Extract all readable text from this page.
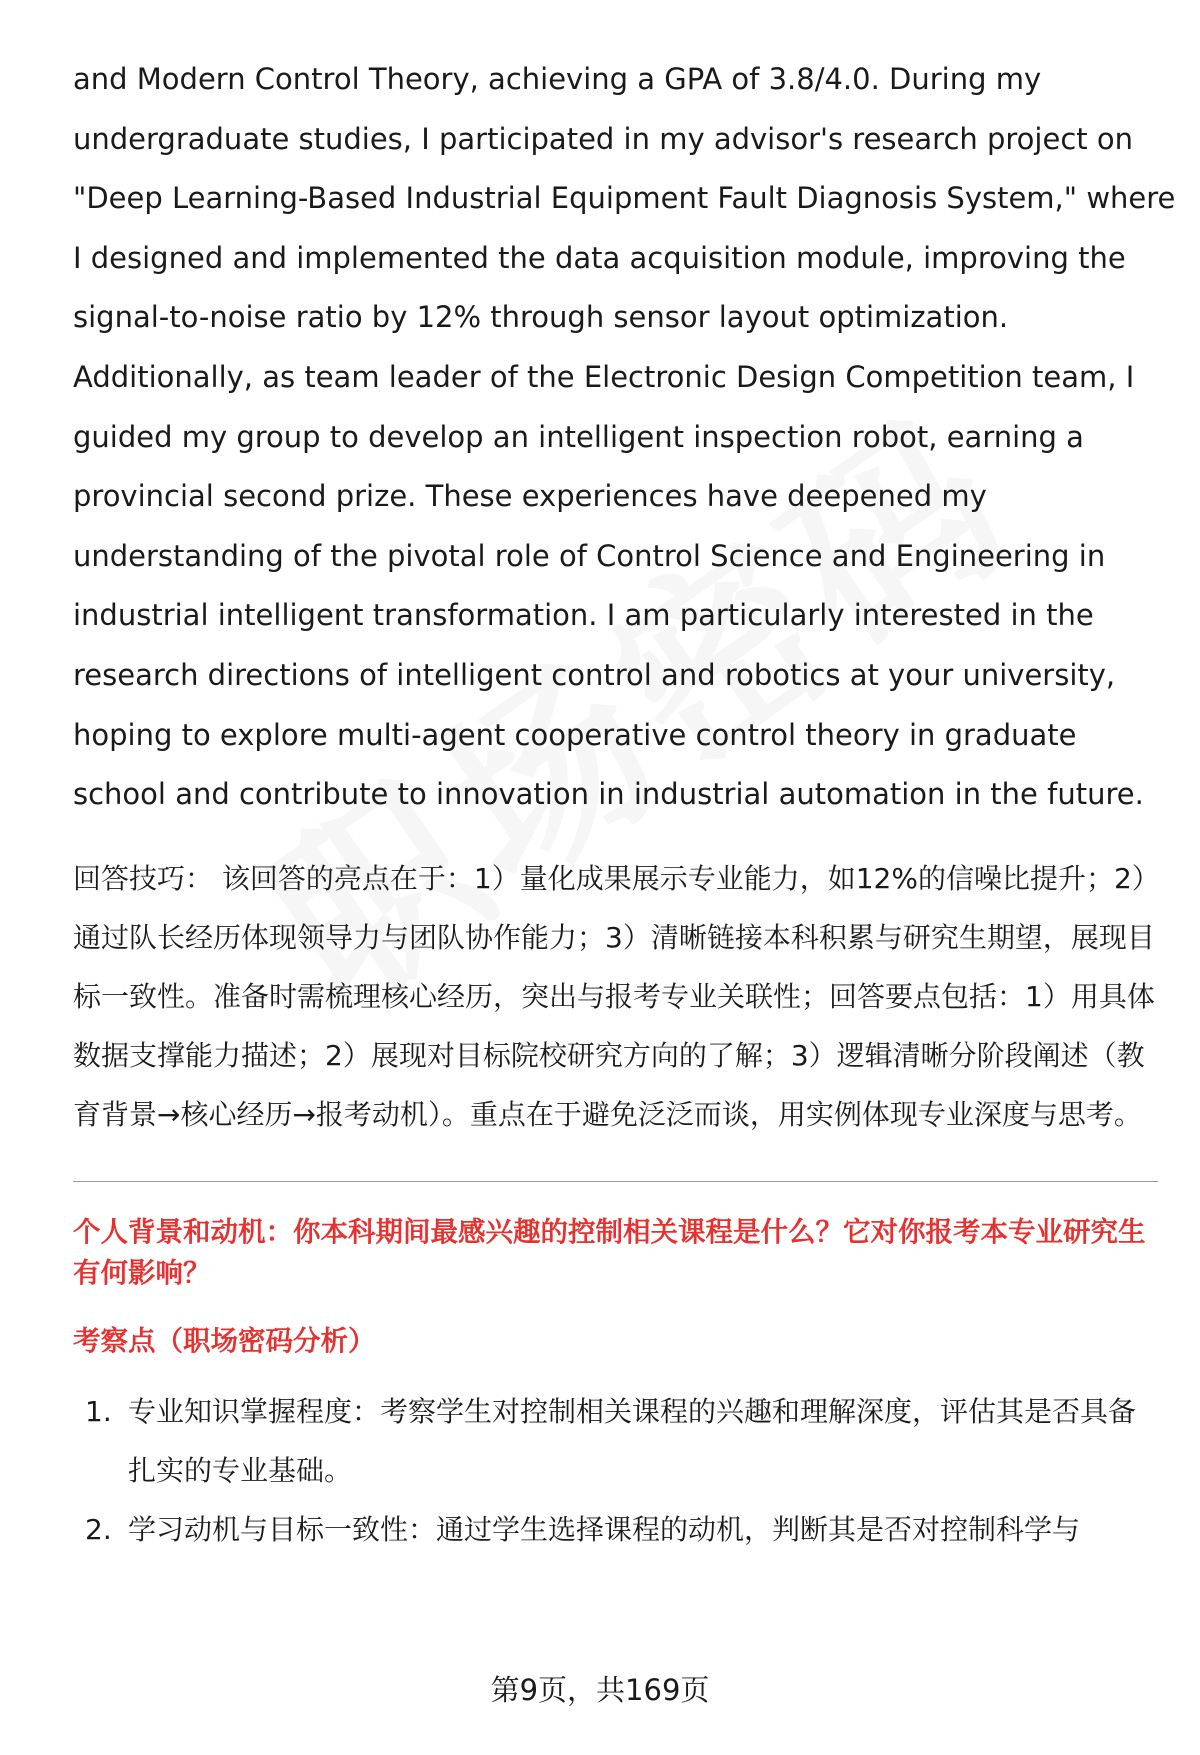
and Modern Control Theory, achieving a GPA of 3.8/4.0. During my
undergraduate studies, I participated in my advisor's research project on
"Deep Learning-Based Industrial Equipment Fault Diagnosis System," where
I designed and implemented the data acquisition module, improving the
signal-to-noise ratio by 12% through sensor layout optimization.
Additionally, as team leader of the Electronic Design Competition team, I
guided my group to develop an intelligent inspection robot, earning a
provincial second prize. These experiences have deepened my
understanding of the pivotal role of Control Science and Engineering in
industrial intelligent transformation. I am particularly interested in the
research directions of intelligent control and robotics at your university,
hoping to explore multi-agent cooperative control theory in graduate
school and contribute to innovation in industrial automation in the future.

回答技巧： 该回答的亮点在于：1）量化成果展示专业能力，如12%的信噪比提升；2）通过队长经历体现领导力与团队协作能力；3）清晰链接本科积累与研究生期望，展现目标一致性。准备时需梳理核心经历，突出与报考专业关联性；回答要点包括：1）用具体数据支撑能力描述；2）展现对目标院校研究方向的了解；3）逻辑清晰分阶段阐述（教育背景→核心经历→报考动机）。重点在于避免泛泛而谈，用实例体现专业深度与思考。
个人背景和动机：你本科期间最感兴趣的控制相关课程是什么？它对你报考本专业研究生有何影响？
考察点（职场密码分析）
1. 专业知识掌握程度：考察学生对控制相关课程的兴趣和理解深度，评估其是否具备扎实的专业基础。
2. 学习动机与目标一致性：通过学生选择课程的动机，判断其是否对控制科学与
第9页，共169页
